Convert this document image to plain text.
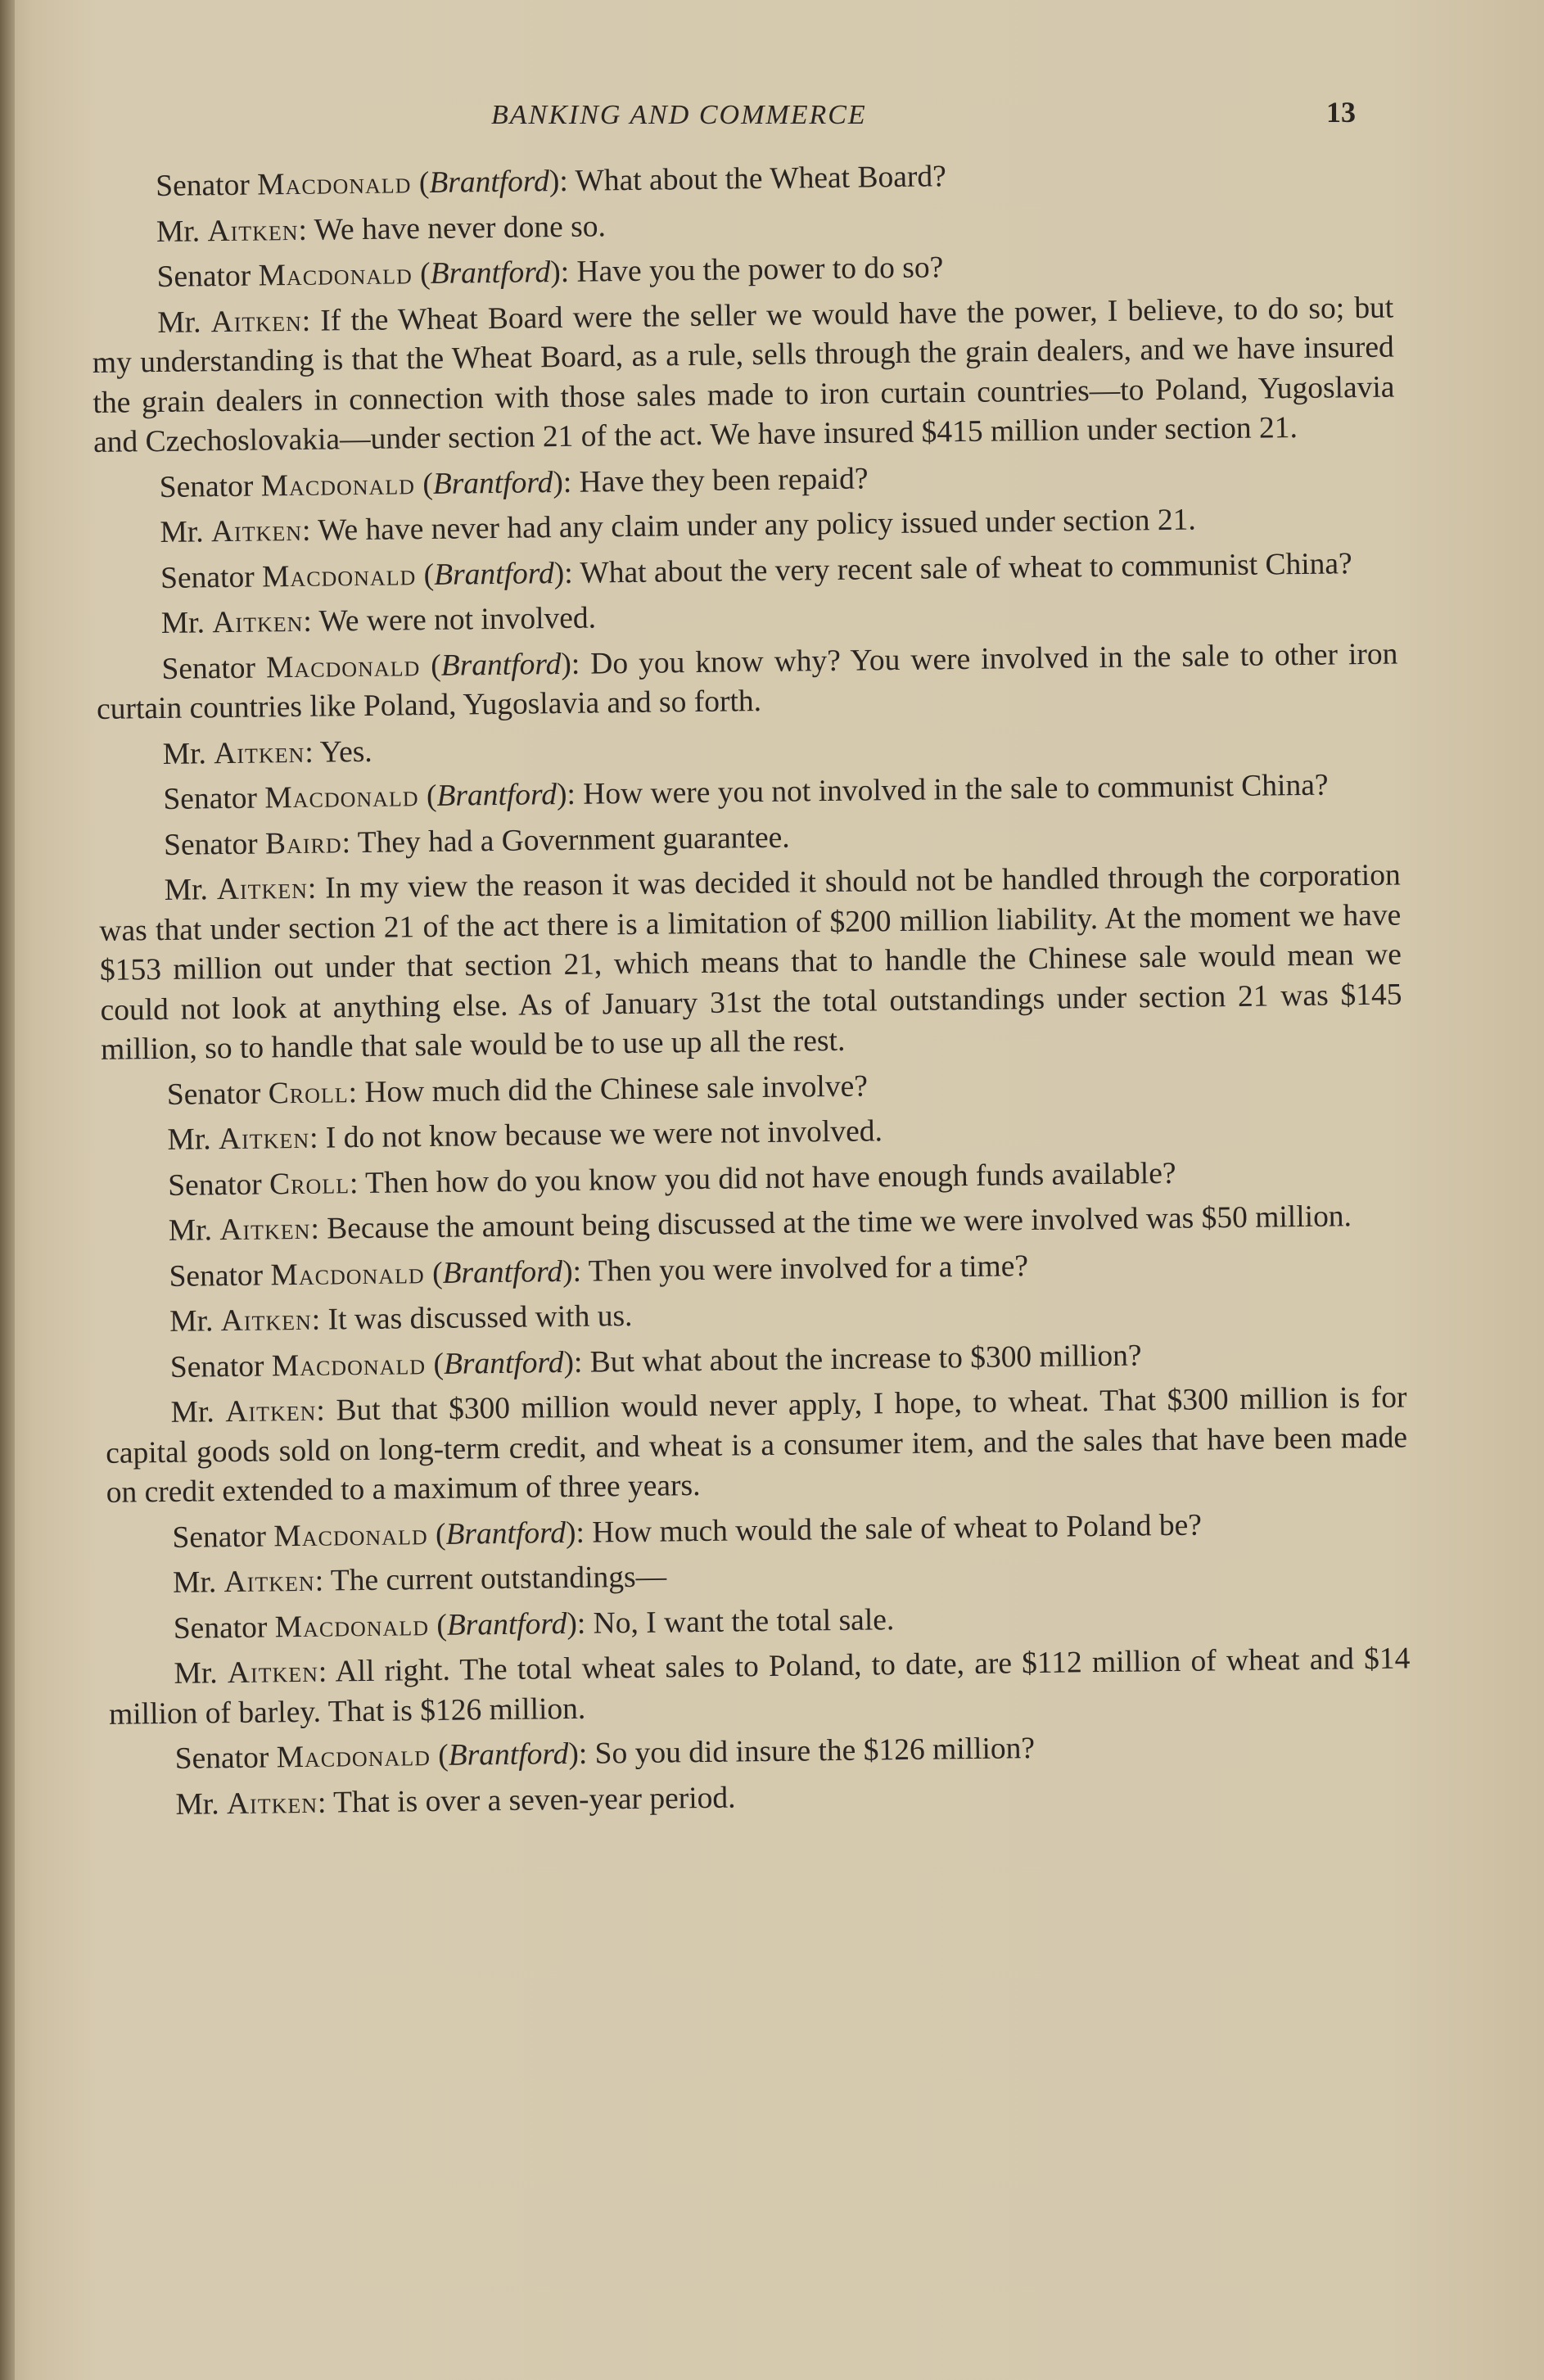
BANKING AND COMMERCE	13

Senator Macdonald (Brantford): What about the Wheat Board?

Mr. Aitken: We have never done so.

Senator Macdonald (Brantford): Have you the power to do so?

Mr. Aitken: If the Wheat Board were the seller we would have the power, I believe, to do so; but my understanding is that the Wheat Board, as a rule, sells through the grain dealers, and we have insured the grain dealers in connection with those sales made to iron curtain countries—to Poland, Yugoslavia and Czechoslovakia—under section 21 of the act. We have insured $415 million under section 21.

Senator Macdonald (Brantford): Have they been repaid?

Mr. Aitken: We have never had any claim under any policy issued under section 21.

Senator Macdonald (Brantford): What about the very recent sale of wheat to communist China?

Mr. Aitken: We were not involved.

Senator Macdonald (Brantford): Do you know why? You were involved in the sale to other iron curtain countries like Poland, Yugoslavia and so forth.

Mr. Aitken: Yes.

Senator Macdonald (Brantford): How were you not involved in the sale to communist China?

Senator Baird: They had a Government guarantee.

Mr. Aitken: In my view the reason it was decided it should not be handled through the corporation was that under section 21 of the act there is a limitation of $200 million liability. At the moment we have $153 million out under that section 21, which means that to handle the Chinese sale would mean we could not look at anything else. As of January 31st the total outstandings under section 21 was $145 million, so to handle that sale would be to use up all the rest.

Senator Croll: How much did the Chinese sale involve?

Mr. Aitken: I do not know because we were not involved.

Senator Croll: Then how do you know you did not have enough funds available?

Mr. Aitken: Because the amount being discussed at the time we were involved was $50 million.

Senator Macdonald (Brantford): Then you were involved for a time?

Mr. Aitken: It was discussed with us.

Senator Macdonald (Brantford): But what about the increase to $300 million?

Mr. Aitken: But that $300 million would never apply, I hope, to wheat. That $300 million is for capital goods sold on long-term credit, and wheat is a consumer item, and the sales that have been made on credit extended to a maximum of three years.

Senator Macdonald (Brantford): How much would the sale of wheat to Poland be?

Mr. Aitken: The current outstandings—

Senator Macdonald (Brantford): No, I want the total sale.

Mr. Aitken: All right. The total wheat sales to Poland, to date, are $112 million of wheat and $14 million of barley. That is $126 million.

Senator Macdonald (Brantford): So you did insure the $126 million?

Mr. Aitken: That is over a seven-year period.
